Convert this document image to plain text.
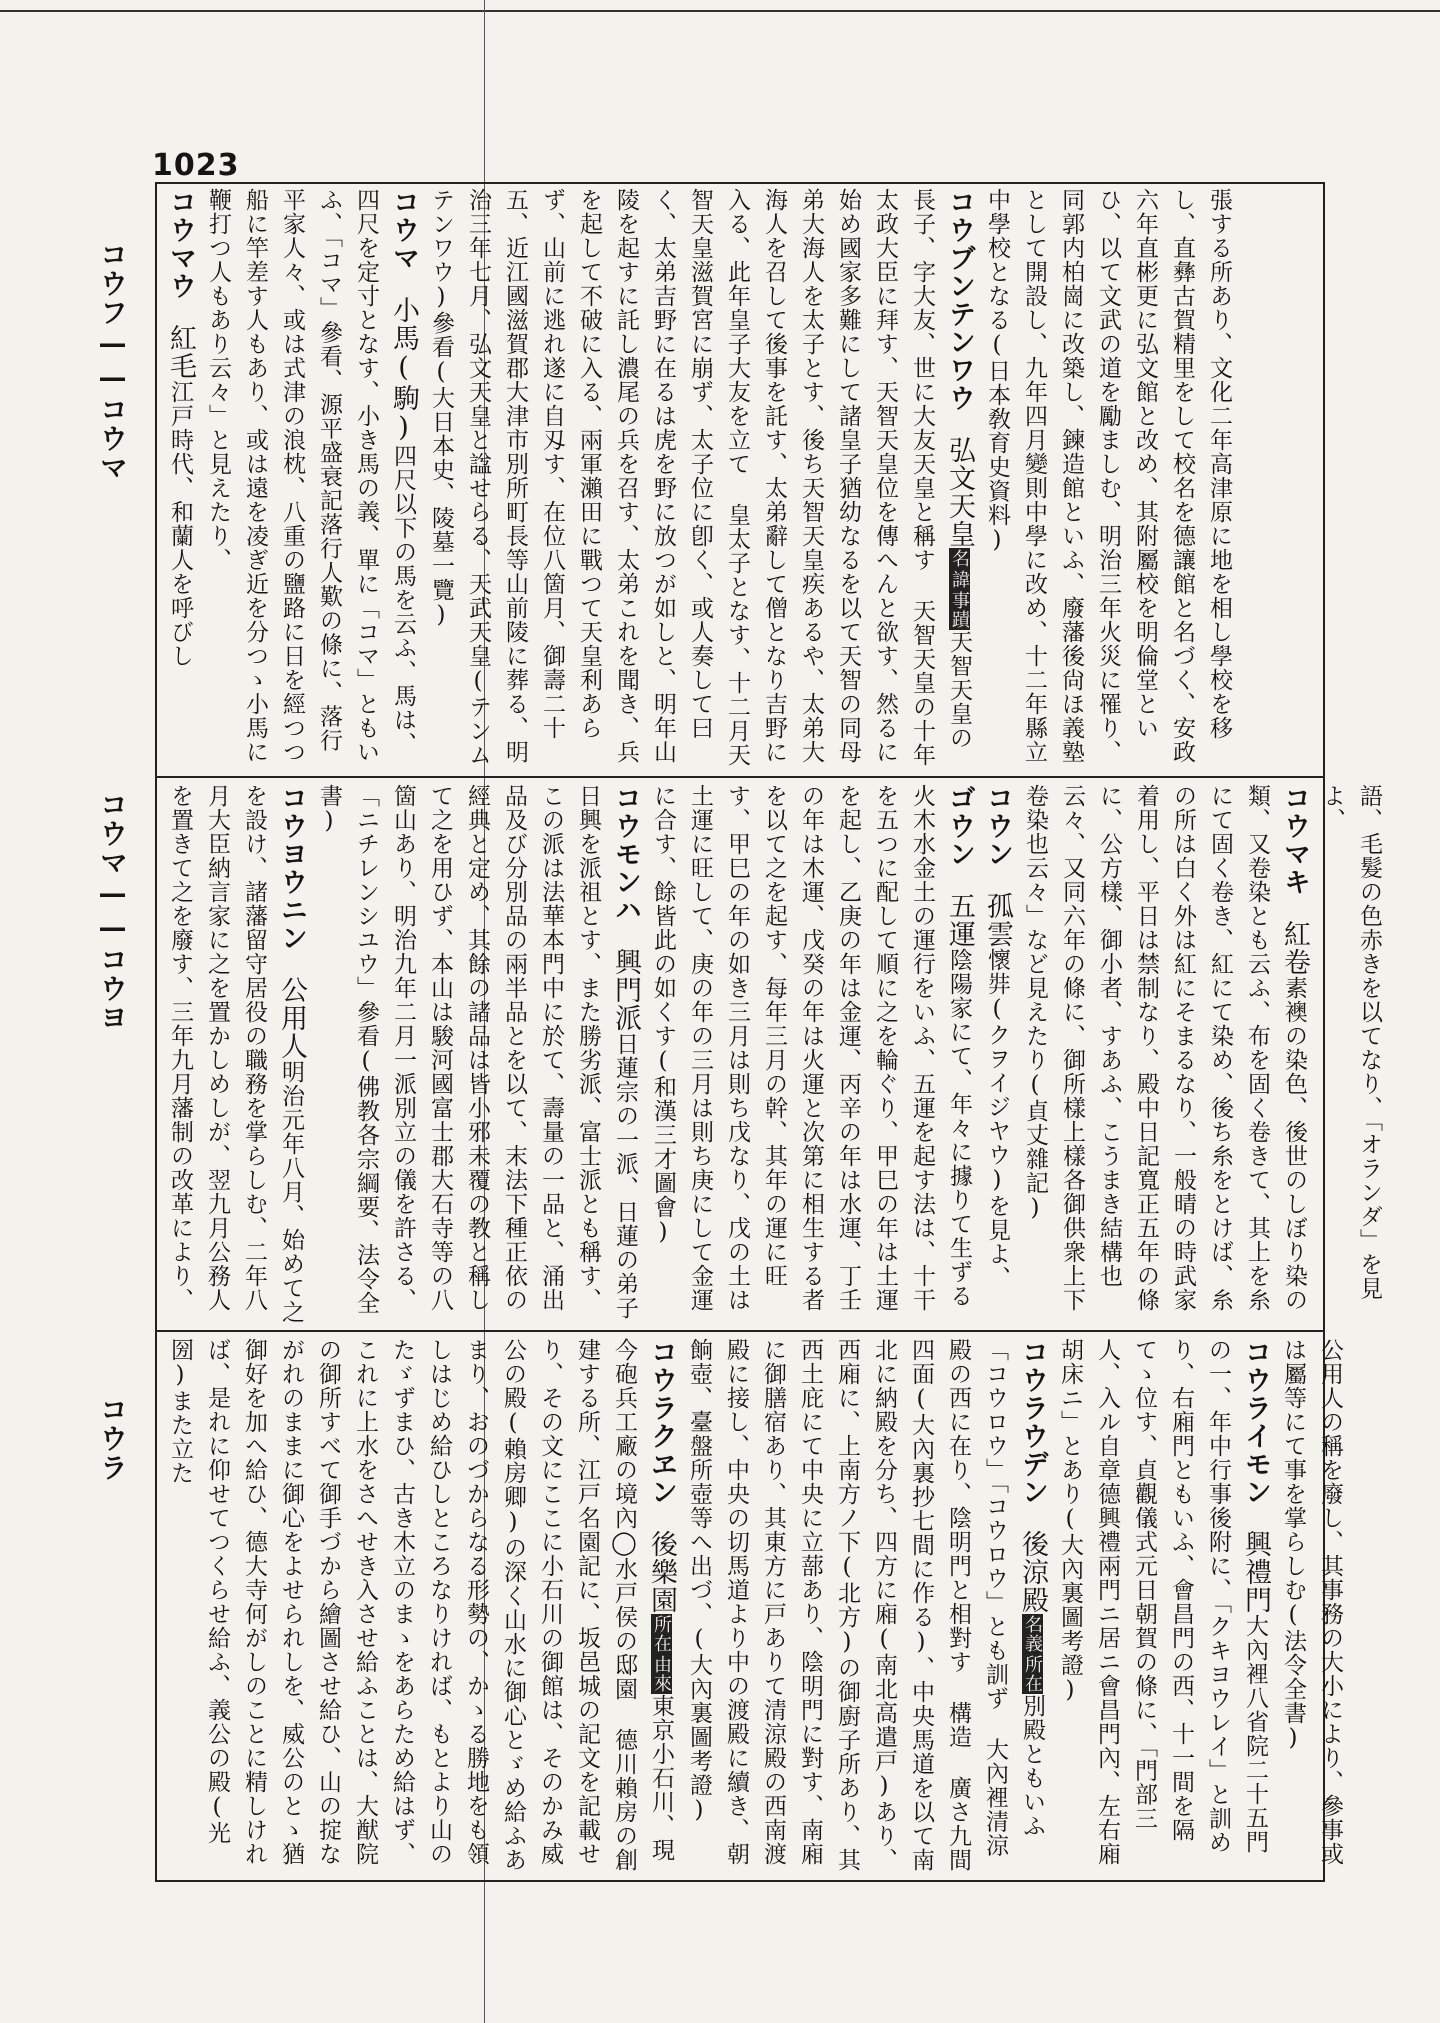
1023
コウフ——コウマ
コウマ——コウヨ
コウラ

張する所あり、文化二年高津原に地を相し學校を移し、直彝古賀精里をして校名を德讓館と名づく、安政六年直彬更に弘文館と改め、其附屬校を明倫堂といひ、以て文武の道を勵ましむ、明治三年火災に罹り、同郭内柏崗に改築し、鍊造館といふ、廢藩後尙ほ義塾として開設し、九年四月變則中學に改め、十二年縣立中學校となる(日本敎育史資料)

コウブンテンワウ　弘文天皇名諱事蹟天智天皇の長子、字大友、世に大友天皇と稱す 天智天皇の十年太政大臣に拜す、天智天皇位を傳へんと欲す、然るに始め國家多難にして諸皇子猶幼なるを以て天智の同母弟大海人を太子とす、後ち天智天皇疾あるや、太弟大海人を召して後事を託す、太弟辭して僧となり吉野に入る、此年皇子大友を立て 皇太子となす、十二月天智天皇滋賀宮に崩ず、太子位に卽く、或人奏して曰く、太弟吉野に在るは虎を野に放つが如しと、明年山陵を起すに託し濃尾の兵を召す、太弟これを聞き、兵を起して不破に入る、兩軍瀨田に戰つて天皇利あらず、山前に逃れ遂に自刄す、在位八箇月、御壽二十五、近江國滋賀郡大津市別所町長等山前陵に葬る、明治三年七月、弘文天皇と諡せらる、天武天皇(テンムテンワウ)參看(大日本史、陵墓一覽)

コウマ　小馬(駒)四尺以下の馬を云ふ、馬は、四尺を定寸となす、小き馬の義、單に「コマ」ともいふ、「コマ」參看、源平盛衰記落行人歎の條に、落行平家人々、或は式津の浪枕、八重の鹽路に日を經つつ船に竿差す人もあり、或は遠を凌ぎ近を分つゝ小馬に鞭打つ人もあり云々」と見えたり、

コウマウ　紅毛江戸時代、和蘭人を呼びし

語、毛髮の色赤きを以てなり、「オランダ」を見よ、

コウマキ　紅卷素襖の染色、後世のしぼり染の類、又卷染とも云ふ、布を固く卷きて、其上を糸にて固く卷き、紅にて染め、後ち糸をとけば、糸の所は白く外は紅にそまるなり、一般晴の時武家着用し、平日は禁制なり、殿中日記寬正五年の條に、公方樣、御小者、すあふ、こうまき結構也云々、又同六年の條に、御所樣上樣各御供衆上下卷染也云々」など見えたり(貞丈雜記)

コウン　孤雲懷弉(クヲイジヤウ)を見よ、

ゴウン　五運陰陽家にて、年々に據りて生ずる火木水金土の運行をいふ、五運を起す法は、十干を五つに配して順に之を輪ぐり、甲巳の年は土運を起し、乙庚の年は金運、丙辛の年は水運、丁壬の年は木運、戊癸の年は火運と次第に相生する者を以て之を起す、每年三月の幹、其年の運に旺す、甲巳の年の如き三月は則ち戊なり、戊の土は土運に旺して、庚の年の三月は則ち庚にして金運に合す、餘皆此の如くす(和漢三才圖會)

コウモンハ　興門派日蓮宗の一派、日蓮の弟子日興を派祖とす、また勝劣派、富士派とも稱す、この派は法華本門中に於て、壽量の一品と、涌出品及び分別品の兩半品とを以て、末法下種正依の經典と定め、其餘の諸品は皆小邪未覆の教と稱して之を用ひず、本山は駿河國富士郡大石寺等の八箇山あり、明治九年二月一派別立の儀を許さる、「ニチレンシユウ」參看(佛教各宗綱要、法令全書)

コウヨウニン　公用人明治元年八月、始めて之を設け、諸藩留守居役の職務を掌らしむ、二年八月大臣納言家に之を置かしめしが、翌九月公務人を置きて之を廢す、三年九月藩制の改革により、

公用人の稱を廢し、其事務の大小により、參事或は屬等にて事を掌らしむ(法令全書)

コウライモン　興禮門大內裡八省院二十五門の一、年中行事後附に、「クキヨウレイ」と訓めり、右廂門ともいふ、會昌門の西、十一間を隔てゝ位す、貞觀儀式元日朝賀の條に、「門部三人、入ル自章德興禮兩門ニ居ニ會昌門內、左右廂胡床ニ」とあり(大內裏圖考證)

コウラウデン　後涼殿名義所在別殿ともいふ「コウロウ」「コウロウ」とも訓ず 大內裡清涼殿の西に在り、陰明門と相對す 構造 廣さ九間四面(大內裏抄七間に作る)、中央馬道を以て南北に納殿を分ち、四方に廂(南北高遣戸)あり、西廂に、上南方ノ下(北方)の御廚子所あり、其西土庇にて中央に立蔀あり、陰明門に對す、南廂に御膳宿あり、其東方に戸ありて清涼殿の西南渡殿に接し、中央の切馬道より中の渡殿に續き、朝餉壺、臺盤所壺等へ出づ、(大內裏圖考證)

コウラクヱン　後樂園所在由來東京小石川、現今砲兵工廠の境內◯水戸侯の邸園 德川賴房の創建する所、江戸名園記に、坂邑城の記文を記載せり、その文にここに小石川の御館は、そのかみ威公の殿(賴房卿)の深く山水に御心とゞめ給ふあまり、おのづからなる形勢の、かゝる勝地をも領しはじめ給ひしところなりければ、もとより山のたゞずまひ、古き木立のまゝをあらため給はず、これに上水をさへせき入させ給ふことは、大猷院の御所すべて御手づから繪圖させ給ひ、山の掟ながれのままに御心をよせられしを、威公のとゝ猶御好を加へ給ひ、德大寺何がしのことに精しければ、是れに仰せてつくらせ給ふ、義公の殿(光圀)また立た
